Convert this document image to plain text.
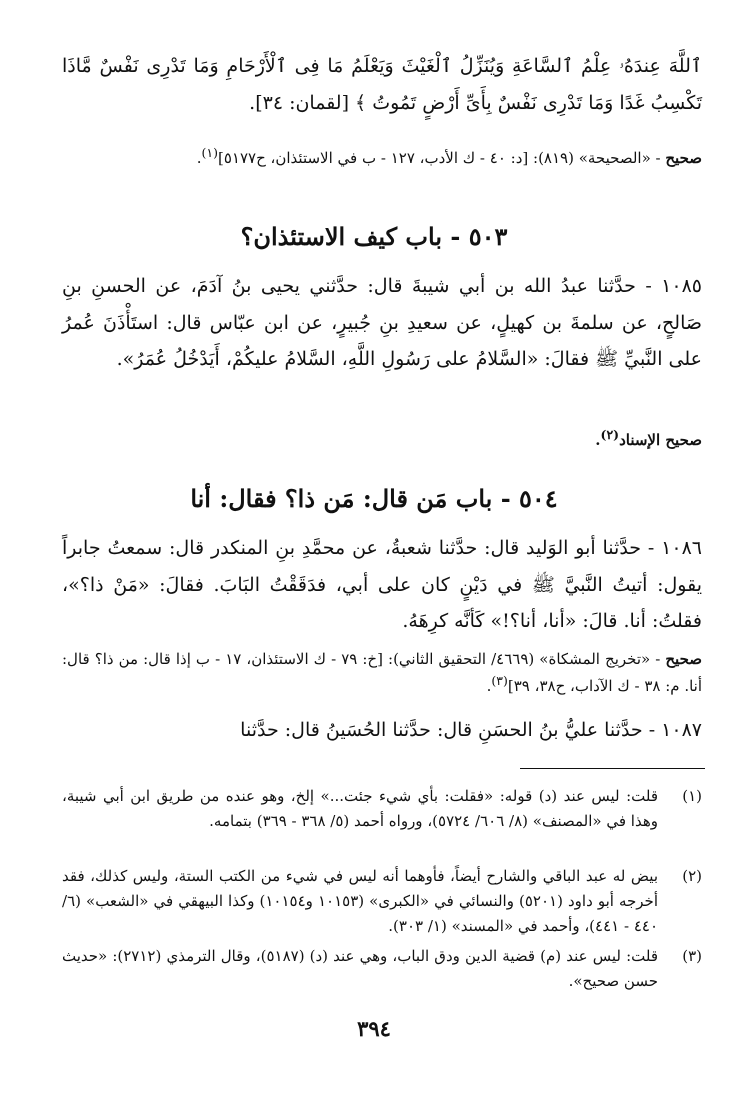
ٱللَّهَ عِندَهُۥ عِلْمُ ٱلسَّاعَةِ وَيُنَزِّلُ ٱلْغَيْثَ وَيَعْلَمُ مَا فِى ٱلْأَرْحَامِ وَمَا تَدْرِى نَفْسٌ مَّاذَا تَكْسِبُ غَدًا وَمَا تَدْرِى نَفْسٌ بِأَىِّ أَرْضٍ تَمُوتُ ﴾ [لقمان: ٣٤].
صحيح - «الصحيحة» (٨١٩): [د: ٤٠ - ك الأدب، ١٢٧ - ب في الاستئذان، ح٥١٧٧]$^{(١)}$.
٥٠٣ - باب كيف الاستئذان؟
١٠٨٥ - حدَّثنا عبدُ الله بن أبي شيبةَ قال: حدَّثني يحيى بنُ آدَمَ، عن الحسنِ بنِ صَالحٍ، عن سلمةَ بن كهيلٍ، عن سعيدِ بنِ جُبيرٍ، عن ابن عبّاس قال: استَأْذَنَ عُمرُ على النَّبيِّ ﷺ فقالَ: «السَّلامُ على رَسُولِ اللَّهِ، السَّلامُ عليكُمْ، أَيَدْخُلُ عُمَرُ».
صحيح الإسناد$^{(٢)}$.
٥٠٤ - باب مَن قال: مَن ذا؟ فقال: أنا
١٠٨٦ - حدَّثنا أبو الوَليد قال: حدَّثنا شعبةُ، عن محمَّدِ بنِ المنكدر قال: سمعتُ جابراً يقول: أتيتُ النَّبيَّ ﷺ في دَيْنٍ كان على أبي، فدَقَقْتُ البَابَ. فقالَ: «مَنْ ذا؟»، فقلتُ: أنا. قالَ: «أنا، أنا؟!» كَأنَّه كرِهَهُ.
صحيح - «تخريج المشكاة» (٤٦٦٩/ التحقيق الثاني): [خ: ٧٩ - ك الاستئذان، ١٧ - ب إذا قال: من ذا؟ قال: أنا. م: ٣٨ - ك الآداب، ح٣٨، ٣٩]$^{(٣)}$.
١٠٨٧ - حدَّثنا عليُّ بنُ الحسَنِ قال: حدَّثنا الحُسَينُ قال: حدَّثنا
(١)
قلت: ليس عند (د) قوله: «فقلت: بأي شيء جئت...» إلخ، وهو عنده من طريق ابن أبي شيبة، وهذا في «المصنف» (٨/ ٦٠٦/ ٥٧٢٤)، ورواه أحمد (٥/ ٣٦٨ - ٣٦٩) بتمامه.
(٢)
بيض له عبد الباقي والشارح أيضاً، فأوهما أنه ليس في شيء من الكتب الستة، وليس كذلك، فقد أخرجه أبو داود (٥٢٠١) والنسائي في «الكبرى» (١٠١٥٣ و١٠١٥٤) وكذا البيهقي في «الشعب» (٦/ ٤٤٠ - ٤٤١)، وأحمد في «المسند» (١/ ٣٠٣).
(٣)
قلت: ليس عند (م) قضية الدين ودق الباب، وهي عند (د) (٥١٨٧)، وقال الترمذي (٢٧١٢): «حديث حسن صحيح».
٣٩٤
